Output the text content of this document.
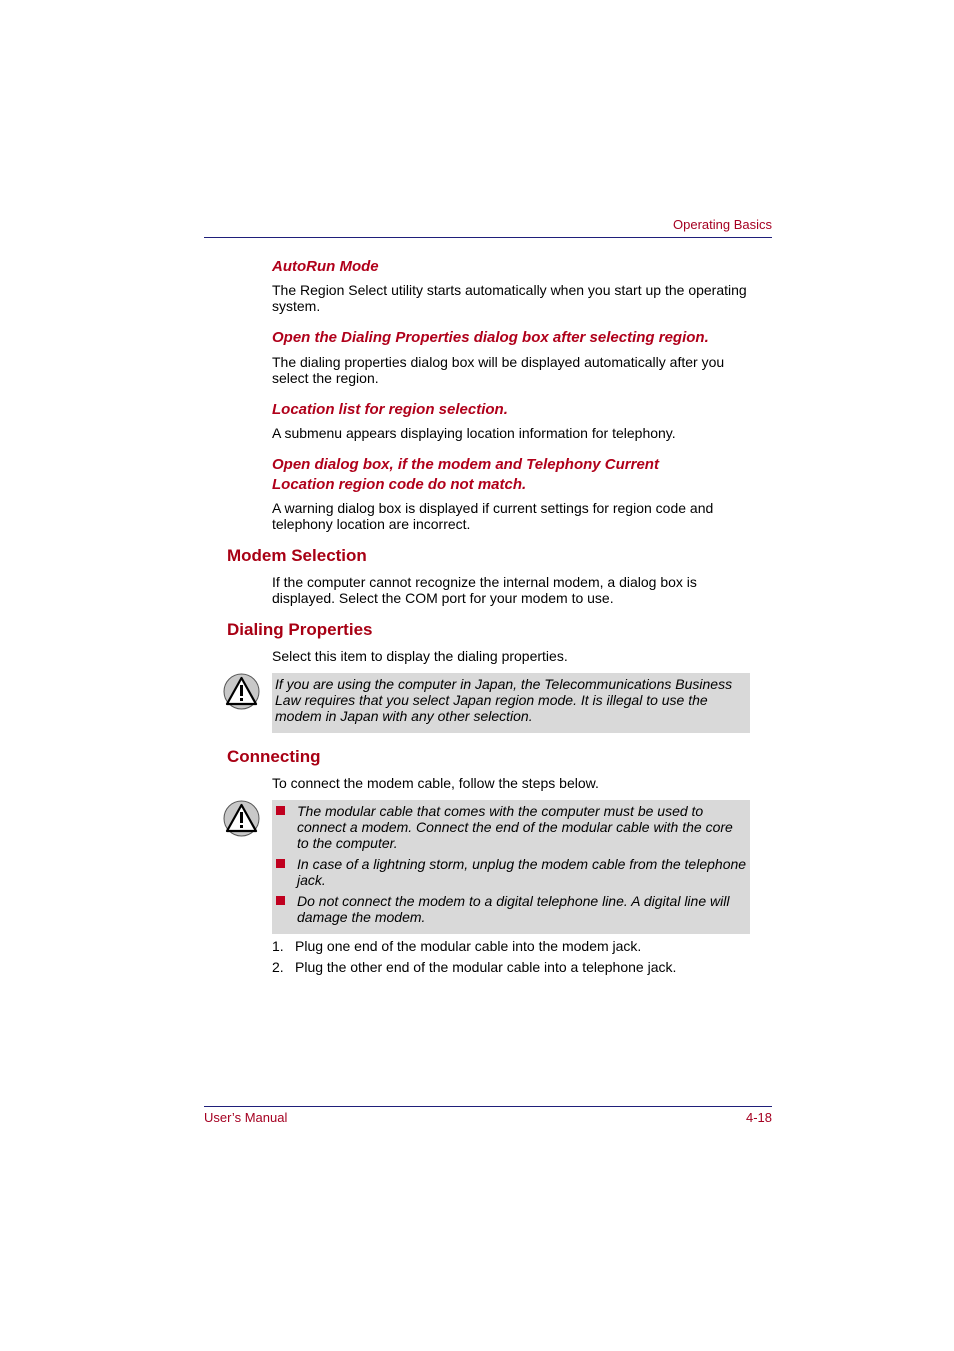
Operating Basics
AutoRun Mode
The Region Select utility starts automatically when you start up the operating system.
Open the Dialing Properties dialog box after selecting region.
The dialing properties dialog box will be displayed automatically after you select the region.
Location list for region selection.
A submenu appears displaying location information for telephony.
Open dialog box, if the modem and Telephony Current
Location region code do not match.
A warning dialog box is displayed if current settings for region code and telephony location are incorrect.
Modem Selection
If the computer cannot recognize the internal modem, a dialog box is displayed. Select the COM port for your modem to use.
Dialing Properties
Select this item to display the dialing properties.
If you are using the computer in Japan, the Telecommunications Business Law requires that you select Japan region mode. It is illegal to use the modem in Japan with any other selection.
Connecting
To connect the modem cable, follow the steps below.
The modular cable that comes with the computer must be used to connect a modem. Connect the end of the modular cable with the core to the computer.
In case of a lightning storm, unplug the modem cable from the telephone jack.
Do not connect the modem to a digital telephone line. A digital line will damage the modem.
1. Plug one end of the modular cable into the modem jack.
2. Plug the other end of the modular cable into a telephone jack.
User’s Manual	4-18
